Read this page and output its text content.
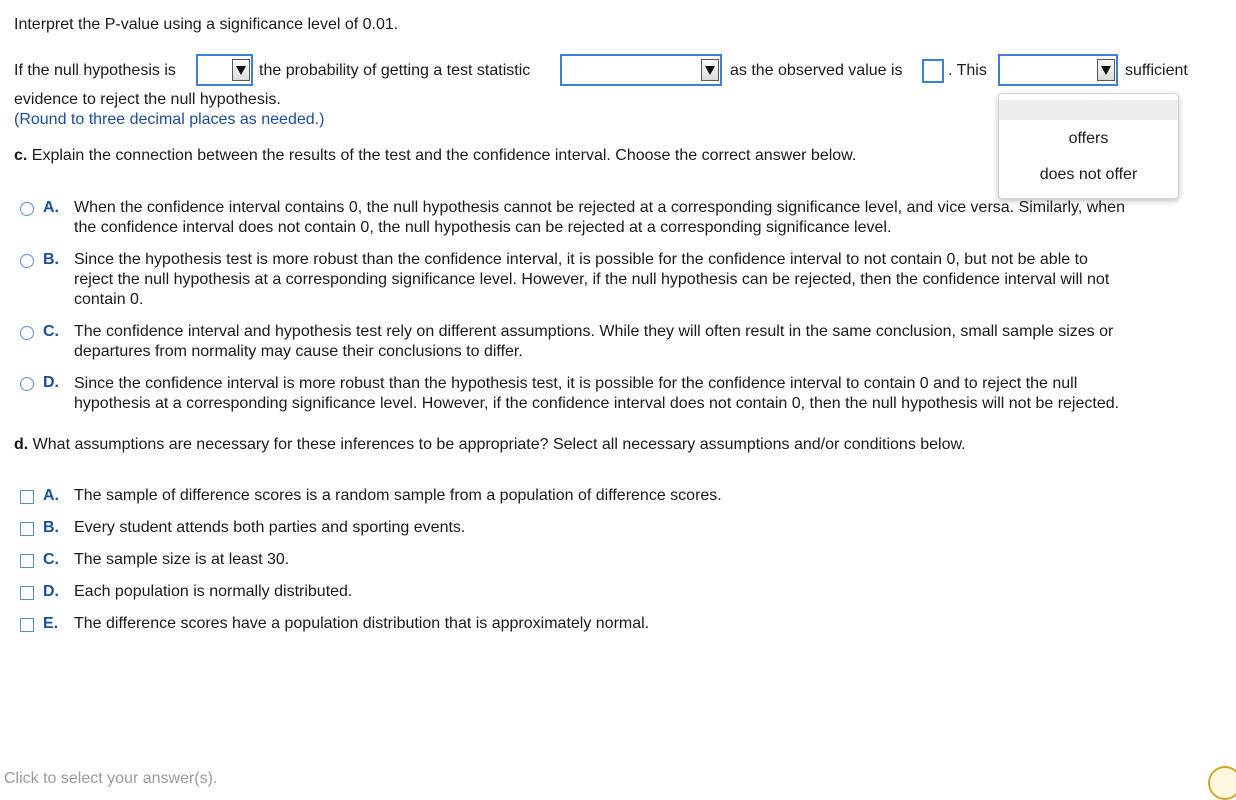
Interpret the P-value using a significance level of 0.01.
If the null hypothesis is	the probability of getting a test statistic	as the observed value is	. This	sufficient
evidence to reject the null hypothesis.
(Round to three decimal places as needed.)
c. Explain the connection between the results of the test and the confidence interval. Choose the correct answer below.
A. When the confidence interval contains 0, the null hypothesis cannot be rejected at a corresponding significance level, and vice versa. Similarly, when
the confidence interval does not contain 0, the null hypothesis can be rejected at a corresponding significance level.
B. Since the hypothesis test is more robust than the confidence interval, it is possible for the confidence interval to not contain 0, but not be able to
reject the null hypothesis at a corresponding significance level. However, if the null hypothesis can be rejected, then the confidence interval will not
contain 0.
C. The confidence interval and hypothesis test rely on different assumptions. While they will often result in the same conclusion, small sample sizes or
departures from normality may cause their conclusions to differ.
D. Since the confidence interval is more robust than the hypothesis test, it is possible for the confidence interval to contain 0 and to reject the null
hypothesis at a corresponding significance level. However, if the confidence interval does not contain 0, then the null hypothesis will not be rejected.
d. What assumptions are necessary for these inferences to be appropriate? Select all necessary assumptions and/or conditions below.
A. The sample of difference scores is a random sample from a population of difference scores.
B. Every student attends both parties and sporting events.
C. The sample size is at least 30.
D. Each population is normally distributed.
E. The difference scores have a population distribution that is approximately normal.
offers
does not offer
Click to select your answer(s).
